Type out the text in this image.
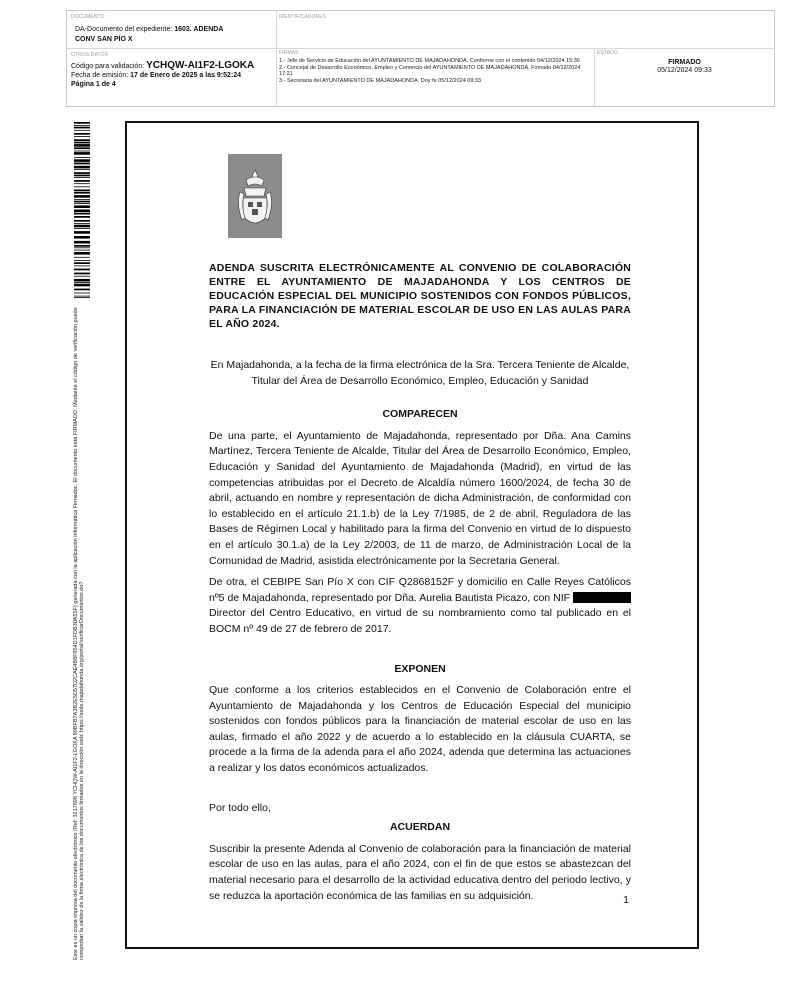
DOCUMENTO
DA-Documento del expediente: 1603. ADENDA
CONV SAN PÍO X
IDENTIFICADORES
OTROS DATOS
Código para validación: YCHQW-AI1F2-LGOKA
Fecha de emisión: 17 de Enero de 2025 a las 9:52:24
Página 1 de 4
FIRMAS
1.- Jefe de Servicio de Educación del AYUNTAMIENTO DE MAJADAHONDA. Conforme con el contenido 04/12/2024 15:36
2.- Concejal de Desarrollo Económico, Empleo y Comercio del AYUNTAMIENTO DE MAJADAHONDA. Firmado 04/12/2024 17:21
3.- Secretaria del AYUNTAMIENTO DE MAJADAHONDA. Doy fe 05/12/2024 09:33
ESTADO
FIRMADO
05/12/2024 09:33
Este es un copia impresa del documento electrónico (Ref: 3217898 YCHQW-AI1F2-LGOKA 89BFB7A3B2E5D57D2CAE4B8F954D1FDB30A55F) generada con la aplicación informática Firmadoc. El documento está FIRMADO. Mediante el código de verificación puede comprobar la validez de la firma electrónica de los documentos firmados en la dirección web: https://sede.majadahonda.org/portal/verificarDocumentos.do?

ADENDA SUSCRITA ELECTRÓNICAMENTE AL CONVENIO DE COLABORACIÓN ENTRE EL AYUNTAMIENTO DE MAJADAHONDA Y LOS CENTROS DE EDUCACIÓN ESPECIAL DEL MUNICIPIO SOSTENIDOS CON FONDOS PÚBLICOS, PARA LA FINANCIACIÓN DE MATERIAL ESCOLAR DE USO EN LAS AULAS PARA EL AÑO 2024.

En Majadahonda, a la fecha de la firma electrónica de la Sra. Tercera Teniente de Alcalde, Titular del Área de Desarrollo Económico, Empleo, Educación y Sanidad

COMPARECEN

De una parte, el Ayuntamiento de Majadahonda, representado por Dña. Ana Camins Martínez, Tercera Teniente de Alcalde, Titular del Área de Desarrollo Económico, Empleo, Educación y Sanidad del Ayuntamiento de Majadahonda (Madrid), en virtud de las competencias atribuidas por el Decreto de Alcaldía número 1600/2024, de fecha 30 de abril, actuando en nombre y representación de dicha Administración, de conformidad con lo establecido en el artículo 21.1.b) de la Ley 7/1985, de 2 de abril, Reguladora de las Bases de Régimen Local y habilitado para la firma del Convenio en virtud de lo dispuesto en el artículo 30.1.a) de la Ley 2/2003, de 11 de marzo, de Administración Local de la Comunidad de Madrid, asistida electrónicamente por la Secretaria General.

De otra, el CEBIPE San Pío X con CIF Q2868152F y domicilio en Calle Reyes Católicos nº5 de Majadahonda, representado por Dña. Aurelia Bautista Picazo, con NIF  Director del Centro Educativo, en virtud de su nombramiento como tal publicado en el BOCM nº 49 de 27 de febrero de 2017.

EXPONEN

Que conforme a los criterios establecidos en el Convenio de Colaboración entre el Ayuntamiento de Majadahonda y los Centros de Educación Especial del municipio sostenidos con fondos públicos para la financiación de material escolar de uso en las aulas, firmado el año 2022 y de acuerdo a lo establecido en la cláusula CUARTA, se procede a la firma de la adenda para el año 2024, adenda que determina las actuaciones a realizar y los datos económicos actualizados.

Por todo ello,

ACUERDAN

Suscribir la presente Adenda al Convenio de colaboración para la financiación de material escolar de uso en las aulas, para el año 2024, con el fin de que estos se abastezcan del material necesario para el desarrollo de la actividad educativa dentro del periodo lectivo, y se reduzca la aportación económica de las familias en su adquisición.	1
